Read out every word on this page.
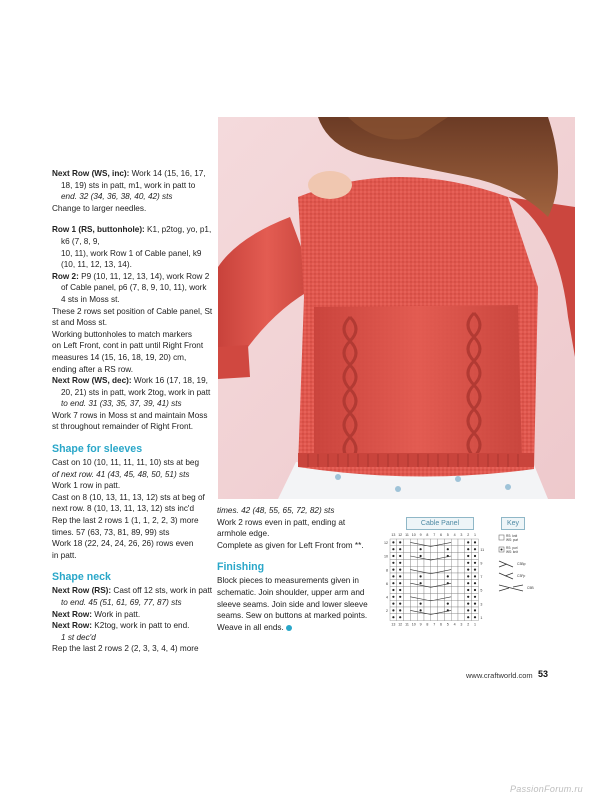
Next Row (WS, inc): Work 14 (15, 16, 17,

18, 19) sts in patt, m1, work in patt to

end. 32 (34, 36, 38, 40, 42) sts

Change to larger needles.

Row 1 (RS, buttonhole): K1, p2tog, yo, p1,

k6 (7, 8, 9,

10, 11), work Row 1 of Cable panel, k9

(10, 11, 12, 13, 14).

Row 2: P9 (10, 11, 12, 13, 14), work Row 2

of Cable panel, p6 (7, 8, 9, 10, 11), work

4 sts in Moss st.

These 2 rows set position of Cable panel, St

st and Moss st.

Working buttonholes to match markers

on Left Front, cont in patt until Right Front

measures 14 (15, 16, 18, 19, 20) cm,

ending after a RS row.

Next Row (WS, dec): Work 16 (17, 18, 19,

20, 21) sts in patt, work 2tog, work in patt

to end. 31 (33, 35, 37, 39, 41) sts

Work 7 rows in Moss st and maintain Moss

st throughout remainder of Right Front.

Shape for sleeves

Cast on 10 (10, 11, 11, 11, 10) sts at beg

of next row. 41 (43, 45, 48, 50, 51) sts

Work 1 row in patt.

Cast on 8 (10, 13, 11, 13, 12) sts at beg of

next row. 8 (10, 13, 11, 13, 12) sts inc'd

Rep the last 2 rows 1 (1, 1, 2, 2, 3) more

times. 57 (63, 73, 81, 89, 99) sts

Work 18 (22, 24, 24, 26, 26) rows even

in patt.

Shape neck

Next Row (RS): Cast off 12 sts, work in patt

to end. 45 (51, 61, 69, 77, 87) sts

Next Row: Work in patt.

Next Row: K2tog, work in patt to end.

1 st dec'd

Rep the last 2 rows 2 (2, 3, 3, 4, 4) more

times. 42 (48, 55, 65, 72, 82) sts

Work 2 rows even in patt, ending at

armhole edge.

Complete as given for Left Front from **.

Finishing

Block pieces to measurements given in

schematic. Join shoulder, upper arm and

sleeve seams. Join side and lower sleeve

seams. Sew on buttons at marked points.

Weave in all ends.

Cable Panel
13
13
12
12
11
11
10
10
9
9
8
8
7
7
6
6
5
5
4
4
3
3
2
2
1
1
12
10
8
6
4
2
11
9
7
5
3
1
Key
RS: knit
WS: purl
RS: purl
WS: knit
C3Bp
C3Fp
C5B
www.craftworld.com 53
PassionForum.ru
